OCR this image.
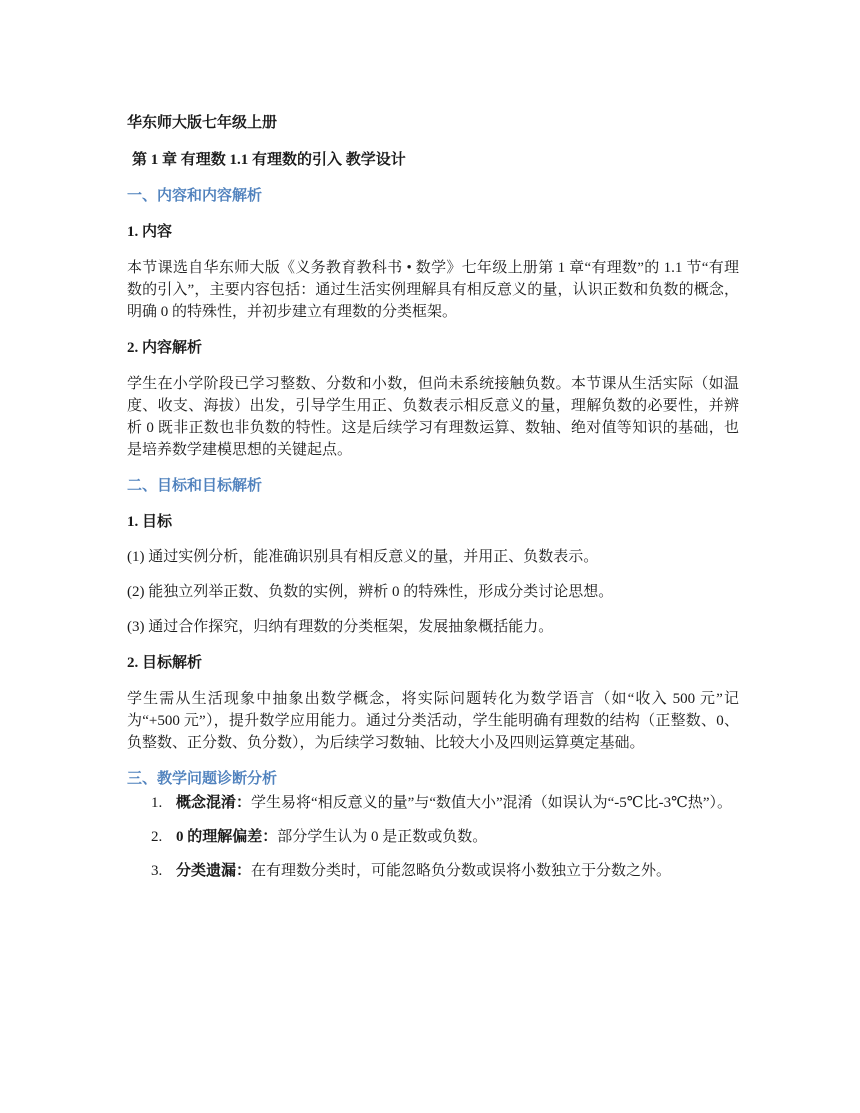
华东师大版七年级上册

第 1 章 有理数 1.1 有理数的引入 教学设计

一、内容和内容解析

1. 内容

本节课选自华东师大版《义务教育教科书 • 数学》七年级上册第 1 章“有理数”的 1.1 节“有理数的引入”，主要内容包括：通过生活实例理解具有相反意义的量，认识正数和负数的概念，明确 0 的特殊性，并初步建立有理数的分类框架。

2. 内容解析

学生在小学阶段已学习整数、分数和小数，但尚未系统接触负数。本节课从生活实际（如温度、收支、海拔）出发，引导学生用正、负数表示相反意义的量，理解负数的必要性，并辨析 0 既非正数也非负数的特性。这是后续学习有理数运算、数轴、绝对值等知识的基础，也是培养数学建模思想的关键起点。

二、目标和目标解析

1. 目标

(1) 通过实例分析，能准确识别具有相反意义的量，并用正、负数表示。

(2) 能独立列举正数、负数的实例，辨析 0 的特殊性，形成分类讨论思想。

(3) 通过合作探究，归纳有理数的分类框架，发展抽象概括能力。

2. 目标解析

学生需从生活现象中抽象出数学概念，将实际问题转化为数学语言（如“收入 500 元”记为“+500 元”），提升数学应用能力。通过分类活动，学生能明确有理数的结构（正整数、0、负整数、正分数、负分数），为后续学习数轴、比较大小及四则运算奠定基础。

三、教学问题诊断分析

1. 概念混淆：学生易将“相反意义的量”与“数值大小”混淆（如误认为“-5℃比-3℃热”）。
2. 0 的理解偏差：部分学生认为 0 是正数或负数。
3. 分类遗漏：在有理数分类时，可能忽略负分数或误将小数独立于分数之外。
